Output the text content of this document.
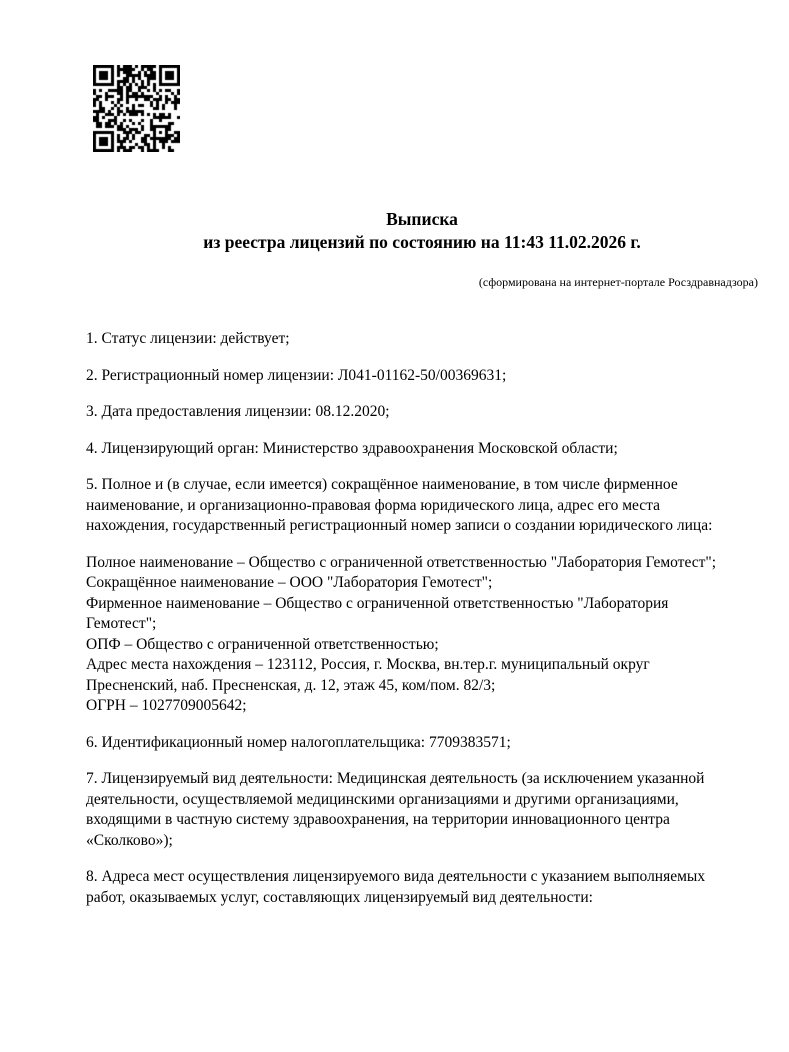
Выписка
из реестра лицензий по состоянию на 11:43 11.02.2026 г.
(сформирована на интернет-портале Росздравнадзора)
1. Статус лицензии: действует;
2. Регистрационный номер лицензии: Л041-01162-50/00369631;
3. Дата предоставления лицензии: 08.12.2020;
4. Лицензирующий орган: Министерство здравоохранения Московской области;
5. Полное и (в случае, если имеется) сокращённое наименование, в том числе фирменное
наименование, и организационно-правовая форма юридического лица, адрес его места
нахождения, государственный регистрационный номер записи о создании юридического лица:
Полное наименование – Общество с ограниченной ответственностью "Лаборатория Гемотест";
Сокращённое наименование – ООО "Лаборатория Гемотест";
Фирменное наименование – Общество с ограниченной ответственностью "Лаборатория
Гемотест";
ОПФ – Общество с ограниченной ответственностью;
Адрес места нахождения – 123112, Россия, г. Москва, вн.тер.г. муниципальный округ
Пресненский, наб. Пресненская, д. 12, этаж 45, ком/пом. 82/3;
ОГРН – 1027709005642;
6. Идентификационный номер налогоплательщика: 7709383571;
7. Лицензируемый вид деятельности: Медицинская деятельность (за исключением указанной
деятельности, осуществляемой медицинскими организациями и другими организациями,
входящими в частную систему здравоохранения, на территории инновационного центра
«Сколково»);
8. Адреса мест осуществления лицензируемого вида деятельности с указанием выполняемых
работ, оказываемых услуг, составляющих лицензируемый вид деятельности:
